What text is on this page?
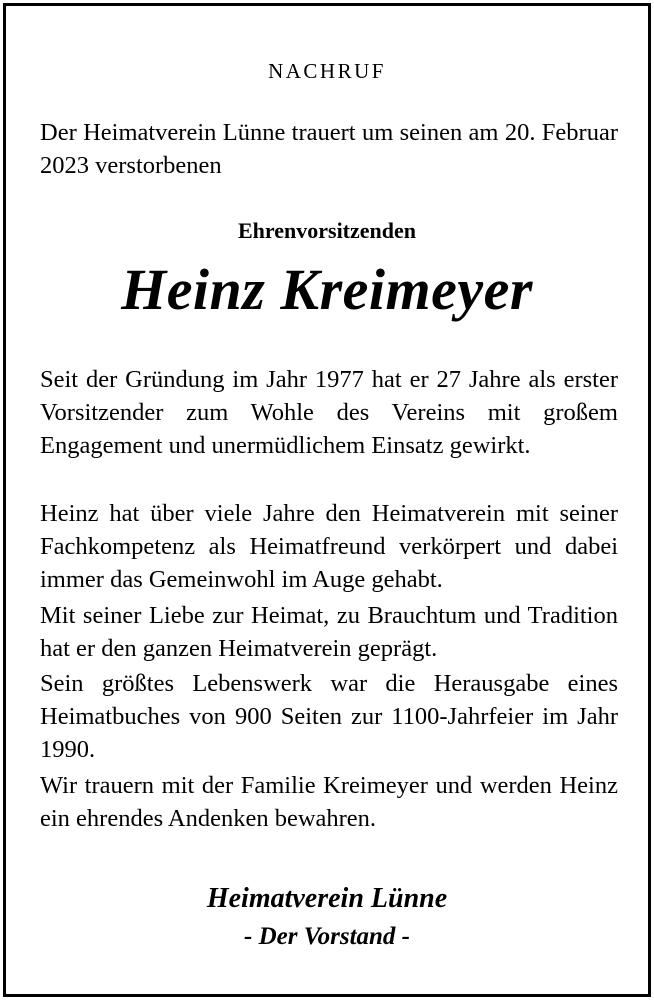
NACHRUF

Der Heimatverein Lünne trauert um seinen am 20. Februar 2023 verstorbenen

Ehrenvorsitzenden
Heinz Kreimeyer

Seit der Gründung im Jahr 1977 hat er 27 Jahre als erster Vorsitzender zum Wohle des Vereins mit großem Engagement und unermüdlichem Einsatz gewirkt.

Heinz hat über viele Jahre den Heimatverein mit seiner Fachkompetenz als Heimatfreund verkörpert und dabei immer das Gemeinwohl im Auge gehabt.

Mit seiner Liebe zur Heimat, zu Brauchtum und Tradition hat er den ganzen Heimatverein geprägt.

Sein größtes Lebenswerk war die Herausgabe eines Heimatbuches von 900 Seiten zur 1100-Jahrfeier im Jahr 1990.

Wir trauern mit der Familie Kreimeyer und werden Heinz ein ehrendes Andenken bewahren.

Heimatverein Lünne
- Der Vorstand -
